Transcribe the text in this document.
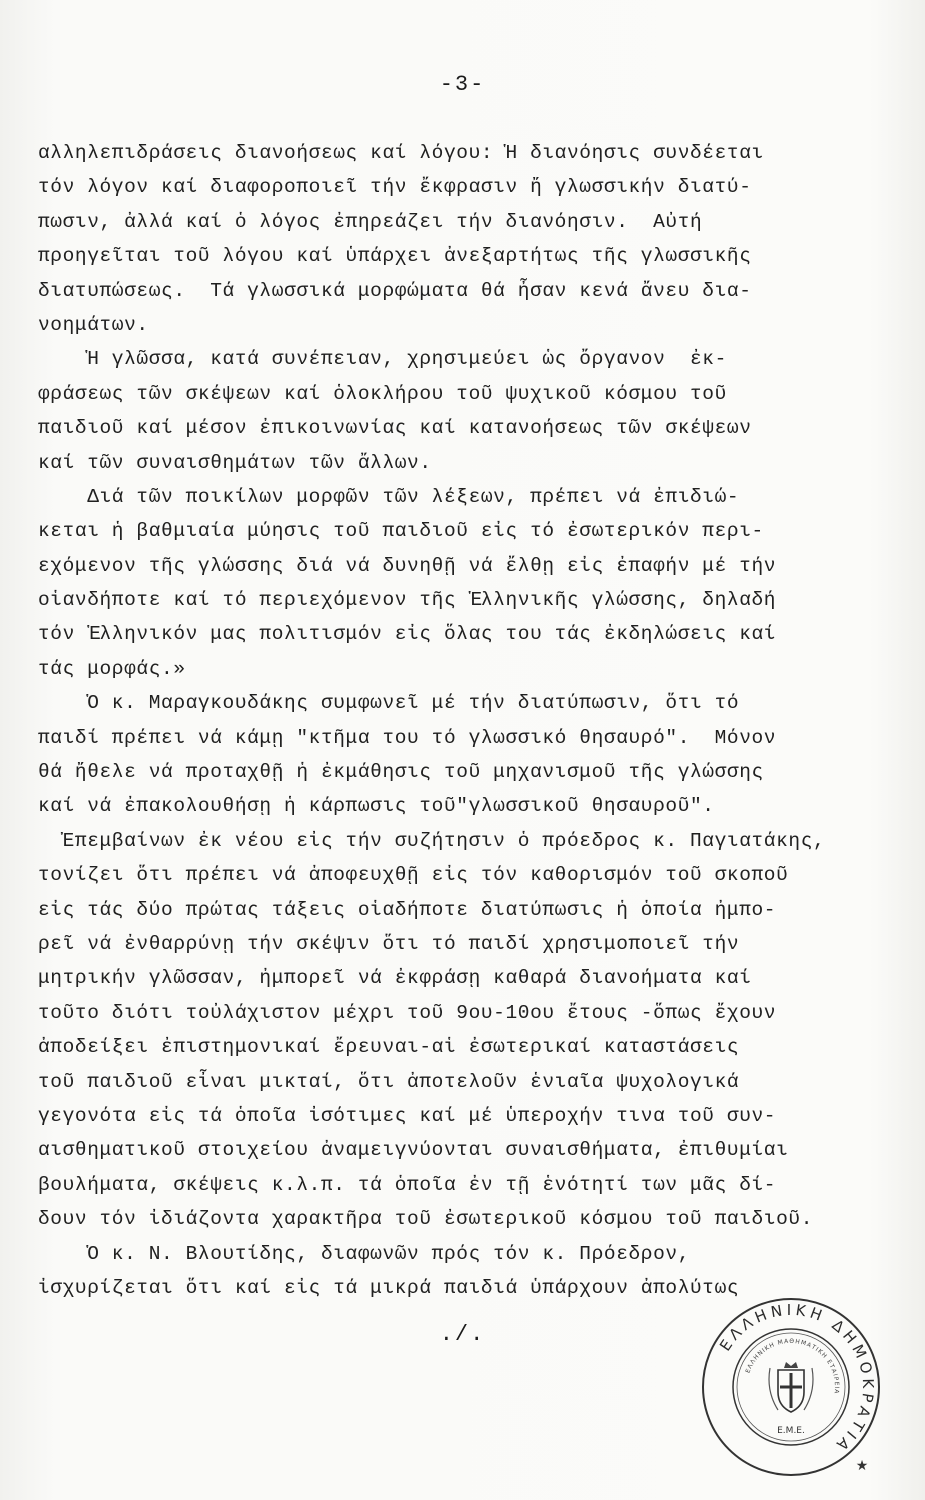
-3-
αλληλεπιδράσεις διανοήσεως καί λόγου: Ἡ διανόησις συνδέεται
τόν λόγον καί διαφοροποιεῖ τήν ἔκφρασιν ἤ γλωσσικήν διατύ-
πωσιν, ἀλλά καί ὁ λόγος ἐπηρεάζει τήν διανόησιν.  Αὐτή
προηγεῖται τοῦ λόγου καί ὑπάρχει ἀνεξαρτήτως τῆς γλωσσικῆς
διατυπώσεως.  Τά γλωσσικά μορφώματα θά ἦσαν κενά ἄνευ δια-
νοημάτων.
Ἡ γλῶσσα, κατά συνέπειαν, χρησιμεύει ὡς ὄργανον  ἐκ-
φράσεως τῶν σκέψεων καί ὁλοκλήρου τοῦ ψυχικοῦ κόσμου τοῦ
παιδιοῦ καί μέσον ἐπικοινωνίας καί κατανοήσεως τῶν σκέψεων
καί τῶν συναισθημάτων τῶν ἄλλων.
Διά τῶν ποικίλων μορφῶν τῶν λέξεων, πρέπει νά ἐπιδιώ-
κεται ἡ βαθμιαία μύησις τοῦ παιδιοῦ εἰς τό ἐσωτερικόν περι-
εχόμενον τῆς γλώσσης διά νά δυνηθῇ νά ἔλθῃ εἰς ἐπαφήν μέ τήν
οἱανδήποτε καί τό περιεχόμενον τῆς Ἑλληνικῆς γλώσσης, δηλαδή
τόν Ἑλληνικόν μας πολιτισμόν εἰς ὅλας του τάς ἐκδηλώσεις καί
τάς μορφάς.»
Ὁ κ. Μαραγκουδάκης συμφωνεῖ μέ τήν διατύπωσιν, ὅτι τό
παιδί πρέπει νά κάμῃ "κτῆμα του τό γλωσσικό θησαυρό".  Μόνον
θά ἤθελε νά προταχθῇ ἡ ἐκμάθησις τοῦ μηχανισμοῦ τῆς γλώσσης
καί νά ἐπακολουθήσῃ ἡ κάρπωσις τοῦ"γλωσσικοῦ θησαυροῦ".
Ἐπεμβαίνων ἐκ νέου εἰς τήν συζήτησιν ὁ πρόεδρος κ. Παγιατάκης,
τονίζει ὅτι πρέπει νά ἀποφευχθῇ εἰς τόν καθορισμόν τοῦ σκοποῦ
εἰς τάς δύο πρώτας τάξεις οἱαδήποτε διατύπωσις ἡ ὁποία ἠμπο-
ρεῖ νά ἐνθαρρύνῃ τήν σκέψιν ὅτι τό παιδί χρησιμοποιεῖ τήν
μητρικήν γλῶσσαν, ἠμπορεῖ νά ἐκφράσῃ καθαρά διανοήματα καί
τοῦτο διότι τοὐλάχιστον μέχρι τοῦ 9ου-10ου ἔτους -ὅπως ἔχουν
ἀποδείξει ἐπιστημονικαί ἔρευναι-αἱ ἐσωτερικαί καταστάσεις
τοῦ παιδιοῦ εἶναι μικταί, ὅτι ἀποτελοῦν ἑνιαῖα ψυχολογικά
γεγονότα εἰς τά ὁποῖα ἰσότιμες καί μέ ὑπεροχήν τινα τοῦ συν-
αισθηματικοῦ στοιχείου ἀναμειγνύονται συναισθήματα, ἐπιθυμίαι
βουλήματα, σκέψεις κ.λ.π. τά ὁποῖα ἐν τῇ ἑνότητί των μᾶς δί-
δουν τόν ἰδιάζοντα χαρακτῆρα τοῦ ἐσωτερικοῦ κόσμου τοῦ παιδιοῦ.
Ὁ κ. Ν. Βλουτίδης, διαφωνῶν πρός τόν κ. Πρόεδρον,
ἰσχυρίζεται ὅτι καί εἰς τά μικρά παιδιά ὑπάρχουν ἀπολύτως
./.	ΕΛΛΗΝΙΚΗ ΔΗΜΟΚΡΑΤΙΑ
ΕΛΛΗΝΙΚΗ ΜΑΘΗΜΑΤΙΚΗ ΕΤΑΙΡΕΙΑ
Ε.Μ.Ε.
★
